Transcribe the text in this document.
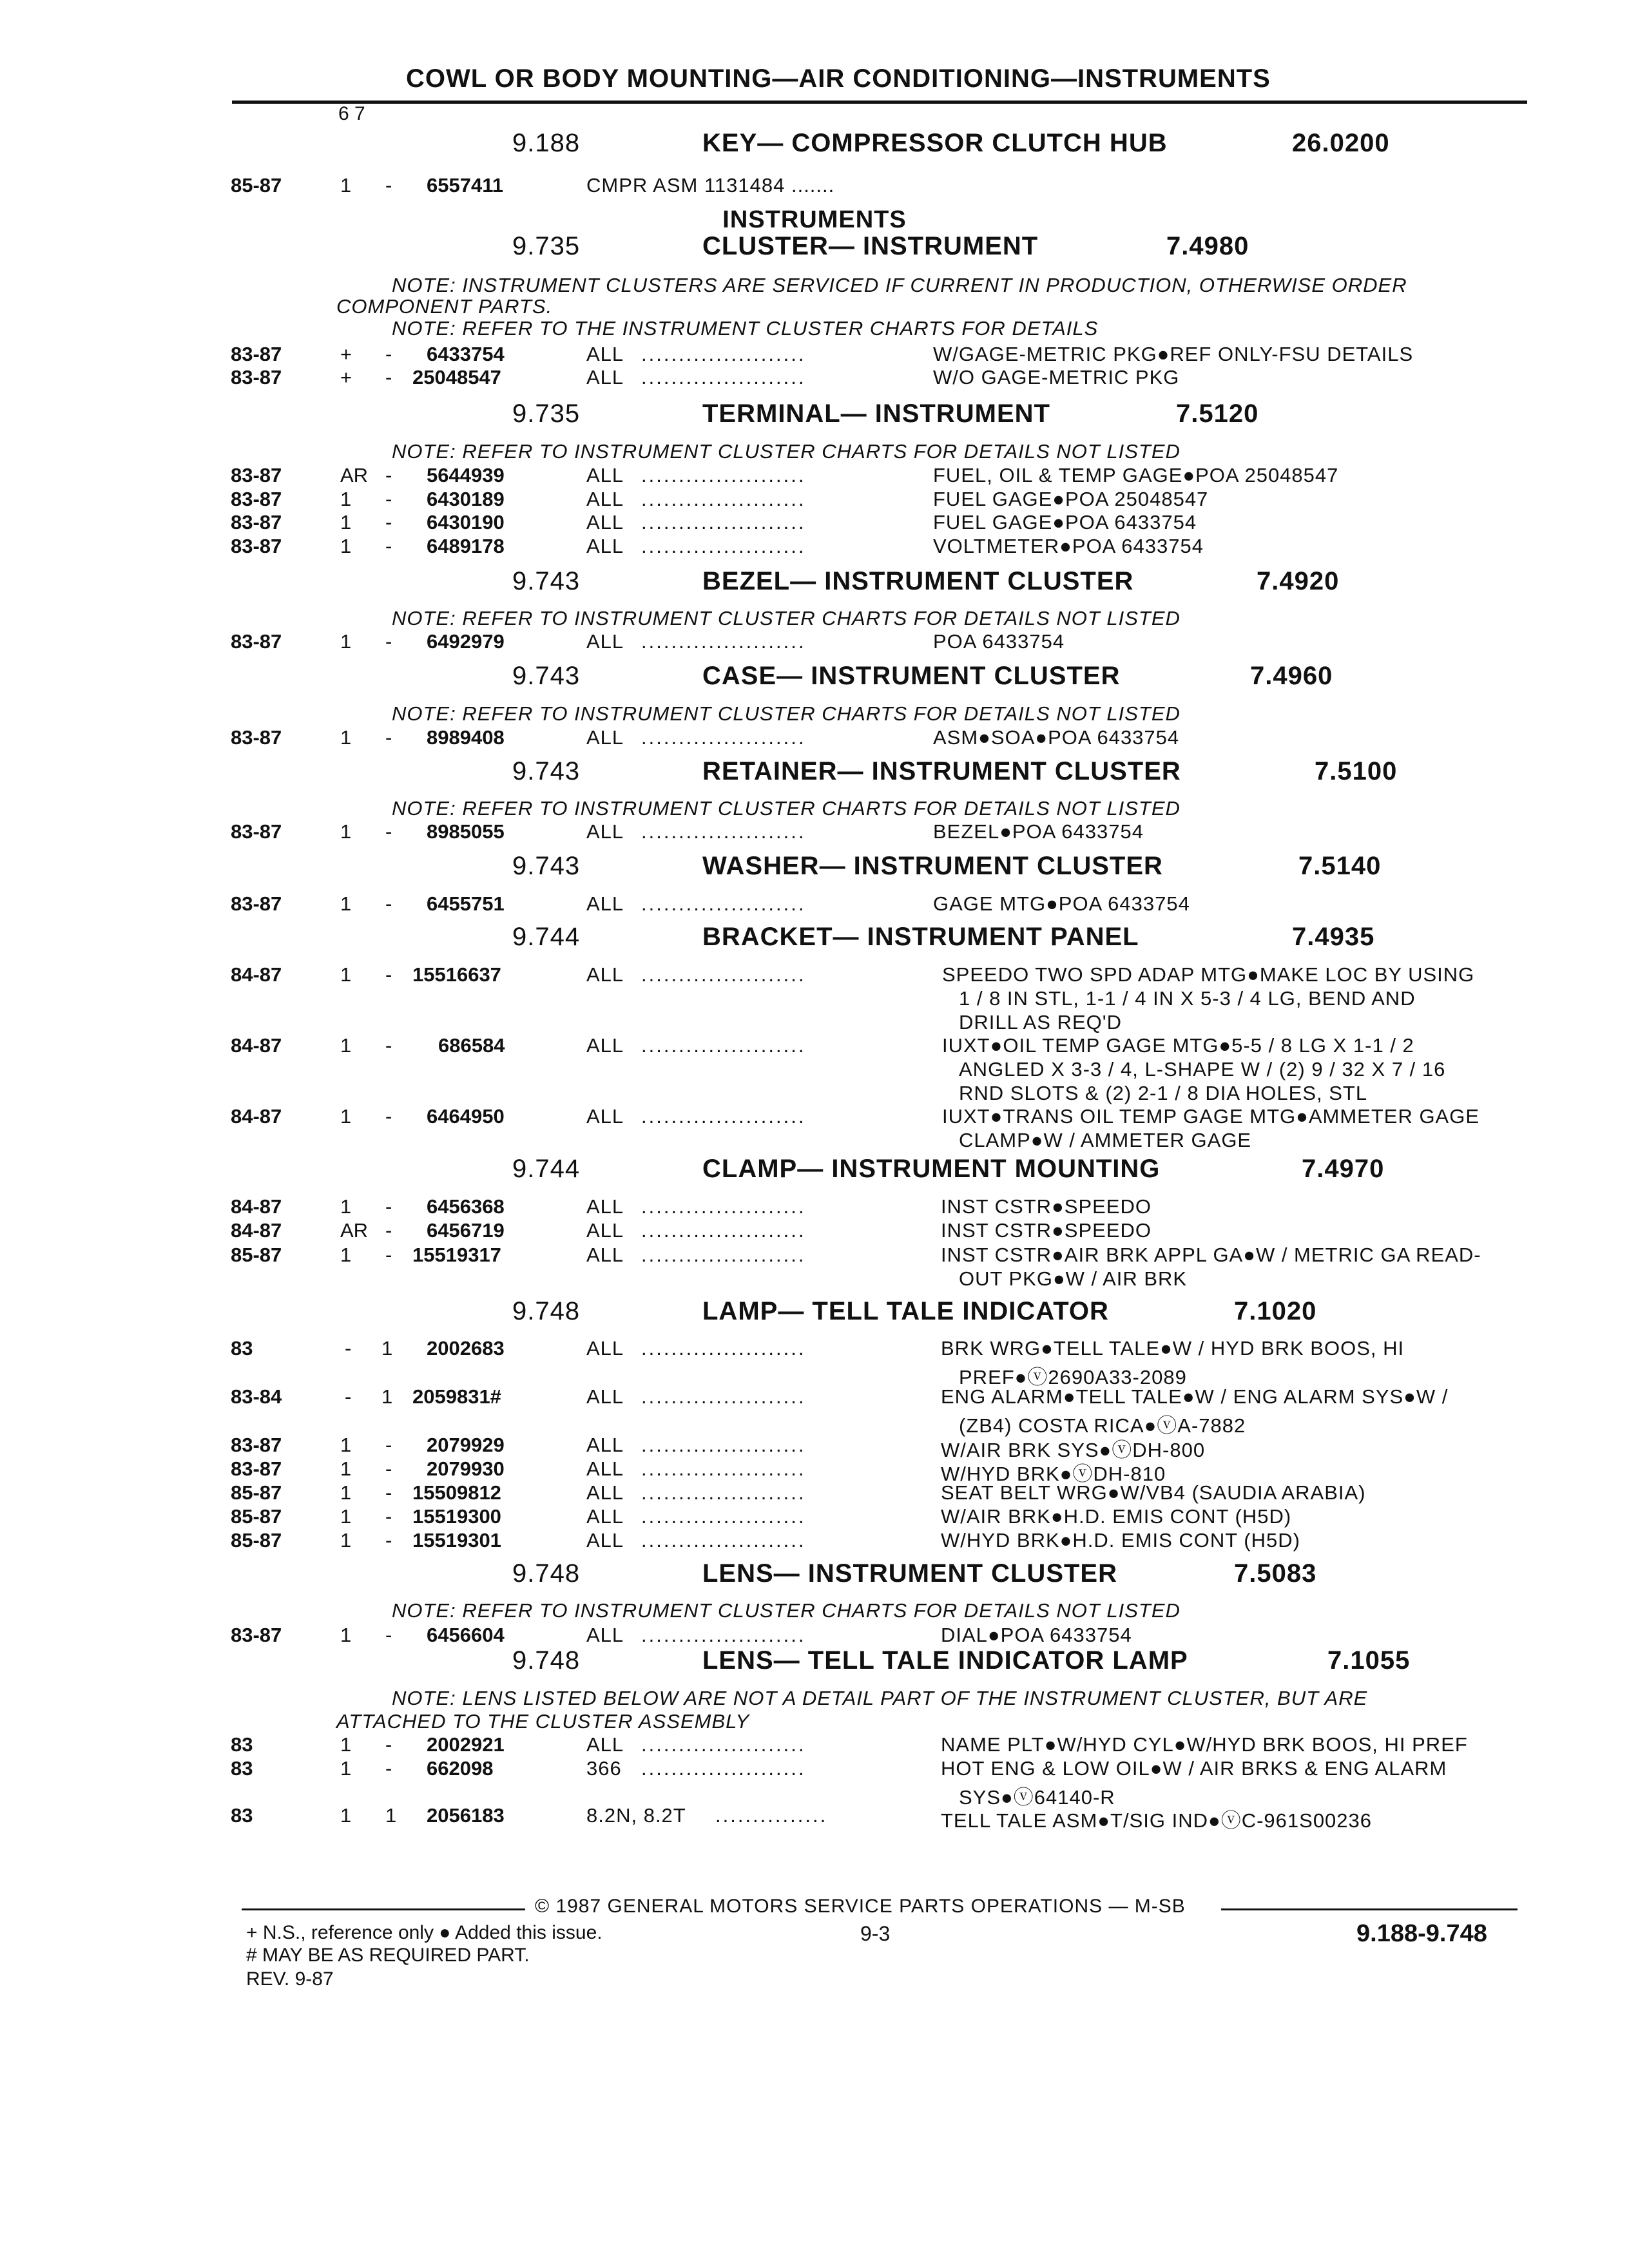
COWL OR BODY MOUNTING—AIR CONDITIONING—INSTRUMENTS
6 7
9.188	KEY— COMPRESSOR CLUTCH HUB	26.0200
85-87	1 - 6557411	CMPR ASM 1131484 .......
INSTRUMENTS
9.735	CLUSTER— INSTRUMENT	7.4980
NOTE: INSTRUMENT CLUSTERS ARE SERVICED IF CURRENT IN PRODUCTION, OTHERWISE ORDER
COMPONENT PARTS.
NOTE: REFER TO THE INSTRUMENT CLUSTER CHARTS FOR DETAILS
83-87	+ - 6433754	ALL ......................	W/GAGE-METRIC PKG●REF ONLY-FSU DETAILS
83-87	+ - 25048547	ALL ......................	W/O GAGE-METRIC PKG
9.735	TERMINAL— INSTRUMENT	7.5120
NOTE: REFER TO INSTRUMENT CLUSTER CHARTS FOR DETAILS NOT LISTED
83-87	AR - 5644939	ALL ......................	FUEL, OIL & TEMP GAGE●POA 25048547
83-87	1 - 6430189	ALL ......................	FUEL GAGE●POA 25048547
83-87	1 - 6430190	ALL ......................	FUEL GAGE●POA 6433754
83-87	1 - 6489178	ALL ......................	VOLTMETER●POA 6433754
9.743	BEZEL— INSTRUMENT CLUSTER	7.4920
NOTE: REFER TO INSTRUMENT CLUSTER CHARTS FOR DETAILS NOT LISTED
83-87	1 - 6492979	ALL ......................	POA 6433754
9.743	CASE— INSTRUMENT CLUSTER	7.4960
NOTE: REFER TO INSTRUMENT CLUSTER CHARTS FOR DETAILS NOT LISTED
83-87	1 - 8989408	ALL ......................	ASM●SOA●POA 6433754
9.743	RETAINER— INSTRUMENT CLUSTER	7.5100
NOTE: REFER TO INSTRUMENT CLUSTER CHARTS FOR DETAILS NOT LISTED
83-87	1 - 8985055	ALL ......................	BEZEL●POA 6433754
9.743	WASHER— INSTRUMENT CLUSTER	7.5140
83-87	1 - 6455751	ALL ......................	GAGE MTG●POA 6433754
9.744	BRACKET— INSTRUMENT PANEL	7.4935
84-87	1 - 15516637	ALL ......................	SPEEDO TWO SPD ADAP MTG●MAKE LOC BY USING
1 / 8 IN STL, 1-1 / 4 IN X 5-3 / 4 LG, BEND AND
DRILL AS REQ'D
84-87	1 - 686584	ALL ......................	IUXT●OIL TEMP GAGE MTG●5-5 / 8 LG X 1-1 / 2
ANGLED X 3-3 / 4, L-SHAPE W / (2) 9 / 32 X 7 / 16
RND SLOTS & (2) 2-1 / 8 DIA HOLES, STL
84-87	1 - 6464950	ALL ......................	IUXT●TRANS OIL TEMP GAGE MTG●AMMETER GAGE
CLAMP●W / AMMETER GAGE
9.744	CLAMP— INSTRUMENT MOUNTING	7.4970
84-87	1 - 6456368	ALL ......................	INST CSTR●SPEEDO
84-87	AR - 6456719	ALL ......................	INST CSTR●SPEEDO
85-87	1 - 15519317	ALL ......................	INST CSTR●AIR BRK APPL GA●W / METRIC GA READ-
OUT PKG●W / AIR BRK
9.748	LAMP— TELL TALE INDICATOR	7.1020
83	- 1 2002683	ALL ......................	BRK WRG●TELL TALE●W / HYD BRK BOOS, HI
PREF●ⓥ2690A33-2089
83-84	- 1 2059831#	ALL ......................	ENG ALARM●TELL TALE●W / ENG ALARM SYS●W /
(ZB4) COSTA RICA●ⓥA-7882
83-87	1 - 2079929	ALL ......................	W/AIR BRK SYS●ⓥDH-800
83-87	1 - 2079930	ALL ......................	W/HYD BRK●ⓥDH-810
85-87	1 - 15509812	ALL ......................	SEAT BELT WRG●W/VB4 (SAUDIA ARABIA)
85-87	1 - 15519300	ALL ......................	W/AIR BRK●H.D. EMIS CONT (H5D)
85-87	1 - 15519301	ALL ......................	W/HYD BRK●H.D. EMIS CONT (H5D)
9.748	LENS— INSTRUMENT CLUSTER	7.5083
NOTE: REFER TO INSTRUMENT CLUSTER CHARTS FOR DETAILS NOT LISTED
83-87	1 - 6456604	ALL ......................	DIAL●POA 6433754
9.748	LENS— TELL TALE INDICATOR LAMP	7.1055
NOTE: LENS LISTED BELOW ARE NOT A DETAIL PART OF THE INSTRUMENT CLUSTER, BUT ARE
ATTACHED TO THE CLUSTER ASSEMBLY
83	1 - 2002921	ALL ......................	NAME PLT●W/HYD CYL●W/HYD BRK BOOS, HI PREF
83	1 - 662098	366 ......................	HOT ENG & LOW OIL●W / AIR BRKS & ENG ALARM
SYS●ⓥ64140-R
83	1 1 2056183	8.2N, 8.2T ...............	TELL TALE ASM●T/SIG IND●ⓥC-961S00236
© 1987 GENERAL MOTORS SERVICE PARTS OPERATIONS — M-SB
+ N.S., reference only ● Added this issue.
# MAY BE AS REQUIRED PART.
REV. 9-87
9-3	9.188-9.748
